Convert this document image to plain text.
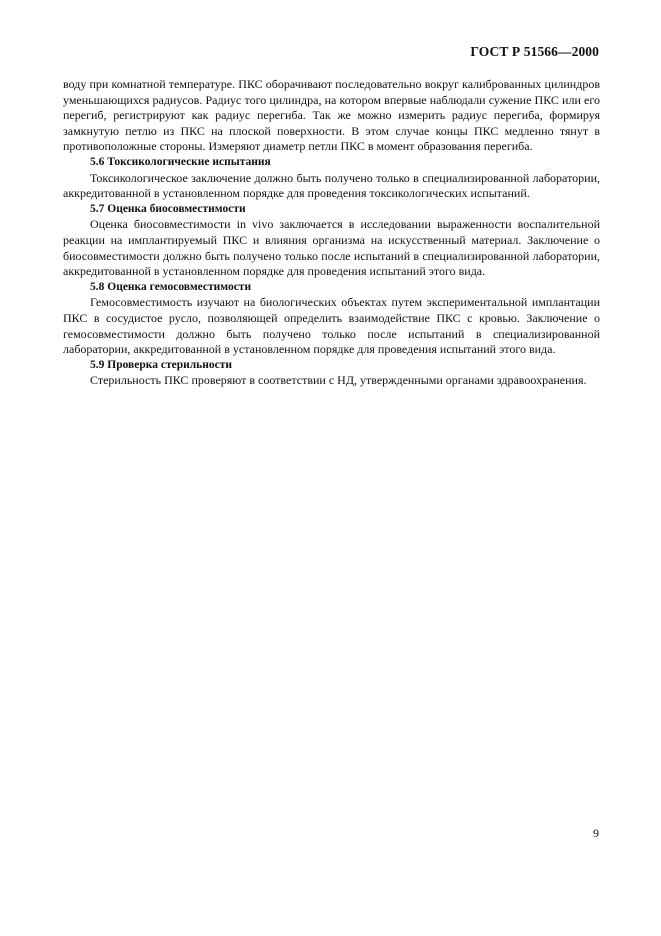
ГОСТ Р 51566—2000

воду при комнатной температуре. ПКС оборачивают последовательно вокруг калиброванных цилиндров уменьшающихся радиусов. Радиус того цилиндра, на котором впервые наблюдали сужение ПКС или его перегиб, регистрируют как радиус перегиба. Так же можно измерить радиус перегиба, формируя замкнутую петлю из ПКС на плоской поверхности. В этом случае концы ПКС медленно тянут в противоположные стороны. Измеряют диаметр петли ПКС в момент образования перегиба.

5.6 Токсикологические испытания

Токсикологическое заключение должно быть получено только в специализированной лаборатории, аккредитованной в установленном порядке для проведения токсикологических испытаний.

5.7 Оценка биосовместимости

Оценка биосовместимости in vivo заключается в исследовании выраженности воспалительной реакции на имплантируемый ПКС и влияния организма на искусственный материал. Заключение о биосовместимости должно быть получено только после испытаний в специализированной лаборатории, аккредитованной в установленном порядке для проведения испытаний этого вида.

5.8 Оценка гемосовместимости

Гемосовместимость изучают на биологических объектах путем экспериментальной имплантации ПКС в сосудистое русло, позволяющей определить взаимодействие ПКС с кровью. Заключение о гемосовместимости должно быть получено только после испытаний в специализированной лаборатории, аккредитованной в установленном порядке для проведения испытаний этого вида.

5.9 Проверка стерильности

Стерильность ПКС проверяют в соответствии с НД, утвержденными органами здравоохранения.

9
